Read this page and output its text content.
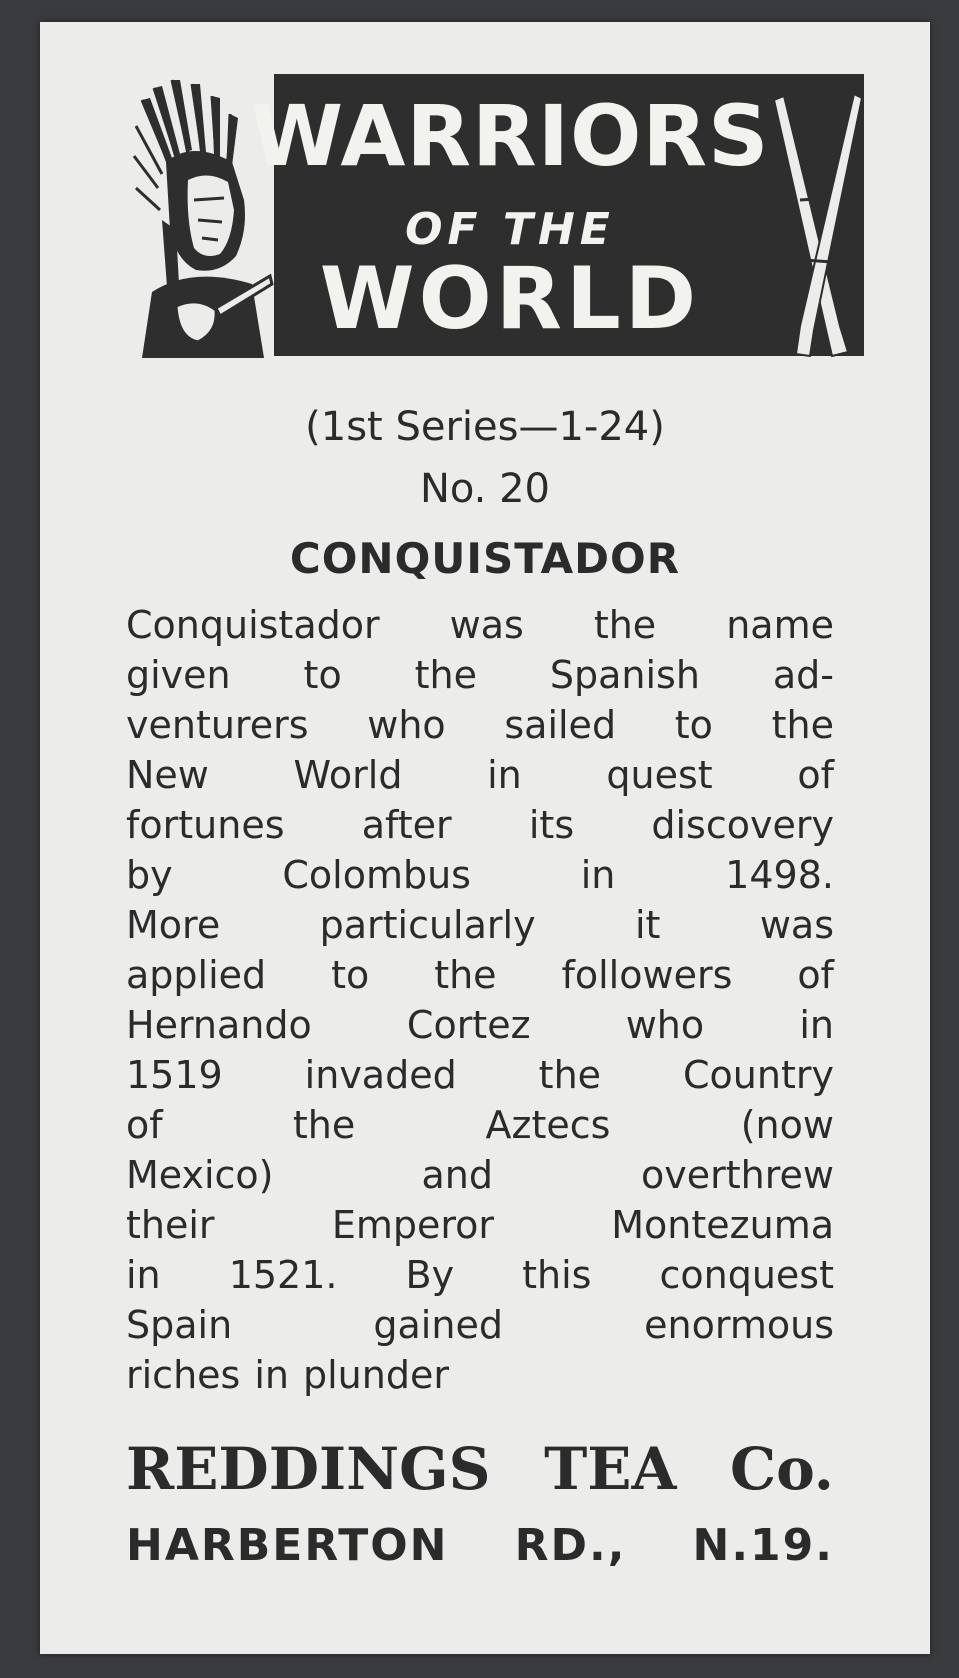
WARRIORS
OF THE
WORLD
(1st Series—1-24)
No. 20
CONQUISTADOR
Conquistador was the name
given to the Spanish ad-
venturers who sailed to the
New World in quest of
fortunes after its discovery
by	Colombus	in	1498.
More	particularly	it	was
applied to the followers of
Hernando	Cortez	who	in
1519 invaded the Country
of	the	Aztecs	(now
Mexico)	and	overthrew
their	Emperor	Montezuma
in 1521. By this conquest
Spain	gained	enormous
riches in plunder
REDDINGS TEA Co.
HARBERTON RD., N.19.
